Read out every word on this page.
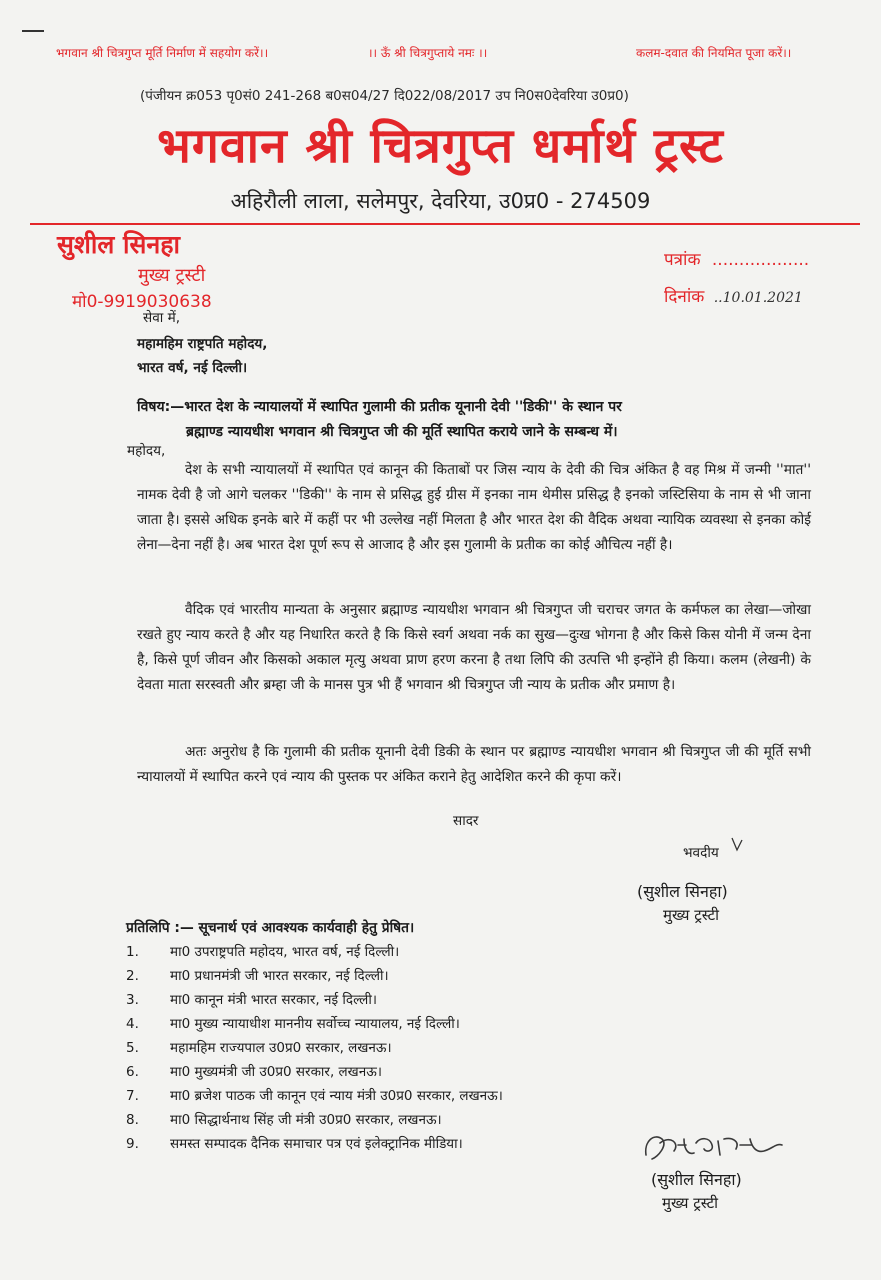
भगवान श्री चित्रगुप्त मूर्ति निर्माण में सहयोग करें।।	।। ऊँ श्री चित्रगुप्ताये नमः ।।	कलम-दवात की नियमित पूजा करें।।
(पंजीयन क्र053 पृ0सं0 241-268 ब0स04/27 दि022/08/2017 उप नि0स0देवरिया उ0प्र0)
भगवान श्री चित्रगुप्त धर्मार्थ ट्रस्ट
अहिरौली लाला, सलेमपुर, देवरिया, उ0प्र0 - 274509
सुशील सिनहा
मुख्य ट्रस्टी
मो0-9919030638
पत्रांक ..................
दिनांक ..10.01.2021
सेवा में,
महामहिम राष्ट्रपति महोदय,
भारत वर्ष, नई दिल्ली।
विषय:—भारत देश के न्यायालयों में स्थापित गुलामी की प्रतीक यूनानी देवी ''डिकी'' के स्थान पर
ब्रह्माण्ड न्यायधीश भगवान श्री चित्रगुप्त जी की मूर्ति स्थापित कराये जाने के सम्बन्ध में।
महोदय,
देश के सभी न्यायालयों में स्थापित एवं कानून की किताबों पर जिस न्याय के देवी की चित्र अंकित है वह मिश्र में जन्मी ''मात'' नामक देवी है जो आगे चलकर ''डिकी'' के नाम से प्रसिद्ध हुई ग्रीस में इनका नाम थेमीस प्रसिद्ध है इनको जस्टिसिया के नाम से भी जाना जाता है। इससे अधिक इनके बारे में कहीं पर भी उल्लेख नहीं मिलता है और भारत देश की वैदिक अथवा न्यायिक व्यवस्था से इनका कोई लेना—देना नहीं है। अब भारत देश पूर्ण रूप से आजाद है और इस गुलामी के प्रतीक का कोई औचित्य नहीं है।
वैदिक एवं भारतीय मान्यता के अनुसार ब्रह्माण्ड न्यायधीश भगवान श्री चित्रगुप्त जी चराचर जगत के कर्मफल का लेखा—जोखा रखते हुए न्याय करते है और यह निधारित करते है कि किसे स्वर्ग अथवा नर्क का सुख—दुःख भोगना है और किसे किस योनी में जन्म देना है, किसे पूर्ण जीवन और किसको अकाल मृत्यु अथवा प्राण हरण करना है तथा लिपि की उत्पत्ति भी इन्होंने ही किया। कलम (लेखनी) के देवता माता सरस्वती और ब्रम्हा जी के मानस पुत्र भी हैं भगवान श्री चित्रगुप्त जी न्याय के प्रतीक और प्रमाण है।
अतः अनुरोध है कि गुलामी की प्रतीक यूनानी देवी डिकी के स्थान पर ब्रह्माण्ड न्यायधीश भगवान श्री चित्रगुप्त जी की मूर्ति सभी न्यायालयों में स्थापित करने एवं न्याय की पुस्तक पर अंकित कराने हेतु आदेशित करने की कृपा करें।
सादर
भवदीय
(सुशील सिनहा)
मुख्य ट्रस्टी
प्रतिलिपि :— सूचनार्थ एवं आवश्यक कार्यवाही हेतु प्रेषित।
1. मा0 उपराष्ट्रपति महोदय, भारत वर्ष, नई दिल्ली।
2. मा0 प्रधानमंत्री जी भारत सरकार, नई दिल्ली।
3. मा0 कानून मंत्री भारत सरकार, नई दिल्ली।
4. मा0 मुख्य न्यायाधीश माननीय सर्वोच्च न्यायालय, नई दिल्ली।
5. महामहिम राज्यपाल उ0प्र0 सरकार, लखनऊ।
6. मा0 मुख्यमंत्री जी उ0प्र0 सरकार, लखनऊ।
7. मा0 ब्रजेश पाठक जी कानून एवं न्याय मंत्री उ0प्र0 सरकार, लखनऊ।
8. मा0 सिद्धार्थनाथ सिंह जी मंत्री उ0प्र0 सरकार, लखनऊ।
9. समस्त सम्पादक दैनिक समाचार पत्र एवं इलेक्ट्रानिक मीडिया।
(सुशील सिनहा)
मुख्य ट्रस्टी
